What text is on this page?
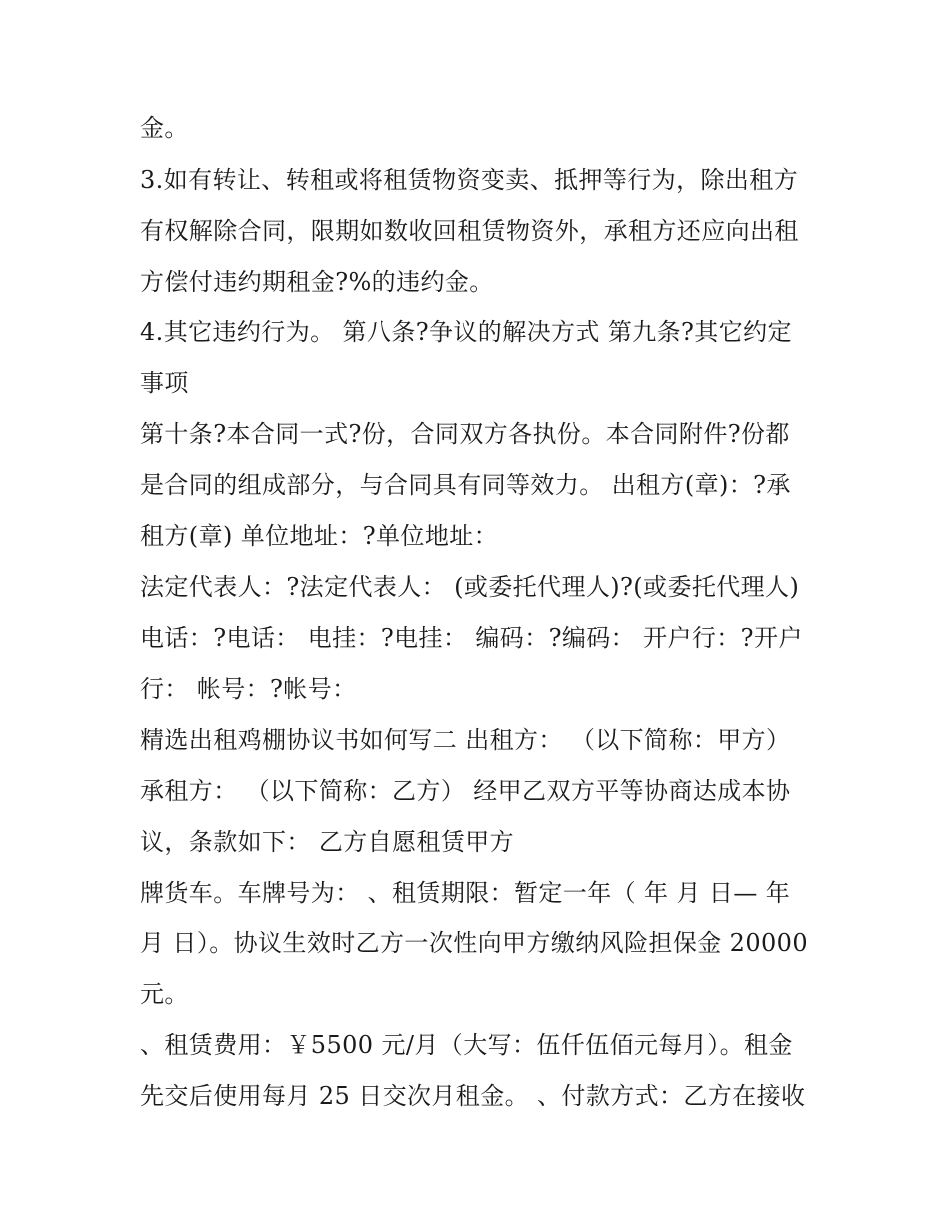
金。
3.如有转让、转租或将租赁物资变卖、抵押等行为，除出租方
有权解除合同，限期如数收回租赁物资外，承租方还应向出租
方偿付违约期租金?%的违约金。
4.其它违约行为。 第八条?争议的解决方式 第九条?其它约定
事项
第十条?本合同一式?份，合同双方各执份。本合同附件?份都
是合同的组成部分，与合同具有同等效力。 出租方(章)：?承
租方(章) 单位地址：?单位地址：
法定代表人：?法定代表人： (或委托代理人)?(或委托代理人)
电话：?电话： 电挂：?电挂： 编码：?编码： 开户行：?开户
行： 帐号：?帐号：
精选出租鸡棚协议书如何写二 出租方： （以下简称：甲方）
承租方： （以下简称：乙方） 经甲乙双方平等协商达成本协
议，条款如下： 乙方自愿租赁甲方
牌货车。车牌号为： 、租赁期限：暂定一年（ 年 月 日— 年
月 日）。协议生效时乙方一次性向甲方缴纳风险担保金 20000
元。
、租赁费用：￥5500 元/月（大写：伍仟伍佰元每月）。租金
先交后使用每月 25 日交次月租金。 、付款方式：乙方在接收
